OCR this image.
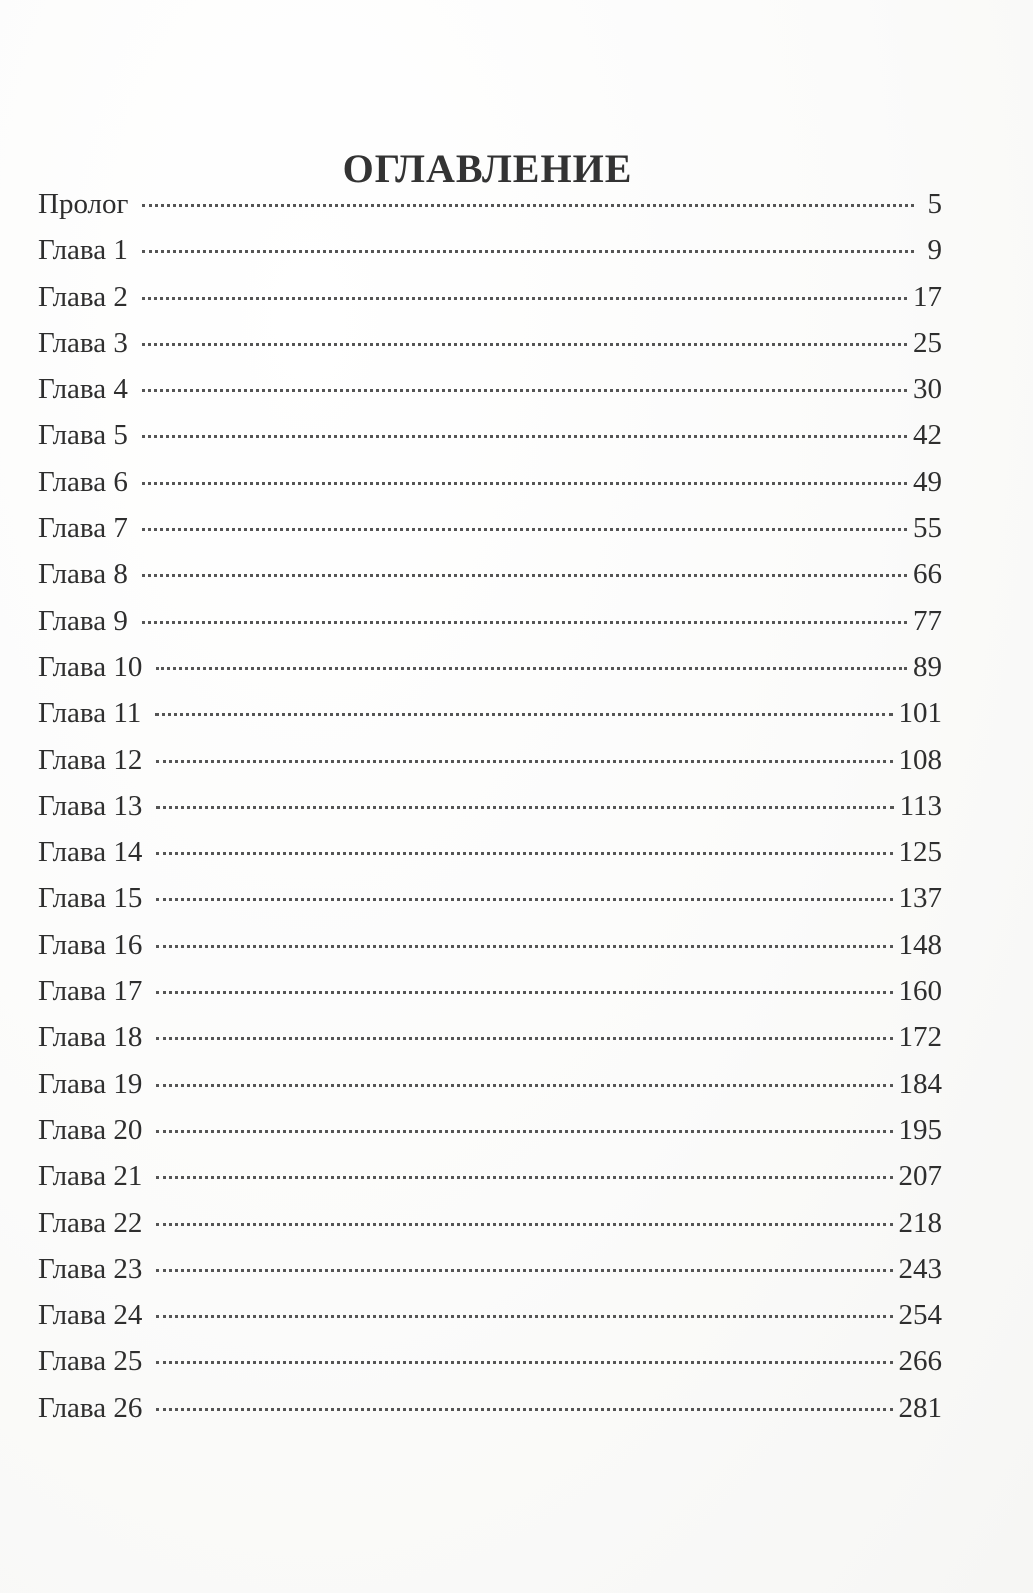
ОГЛАВЛЕНИЕ
Пролог	5
Глава 1	9
Глава 2	17
Глава 3	25
Глава 4	30
Глава 5	42
Глава 6	49
Глава 7	55
Глава 8	66
Глава 9	77
Глава 10	89
Глава 11	101
Глава 12	108
Глава 13	113
Глава 14	125
Глава 15	137
Глава 16	148
Глава 17	160
Глава 18	172
Глава 19	184
Глава 20	195
Глава 21	207
Глава 22	218
Глава 23	243
Глава 24	254
Глава 25	266
Глава 26	281
